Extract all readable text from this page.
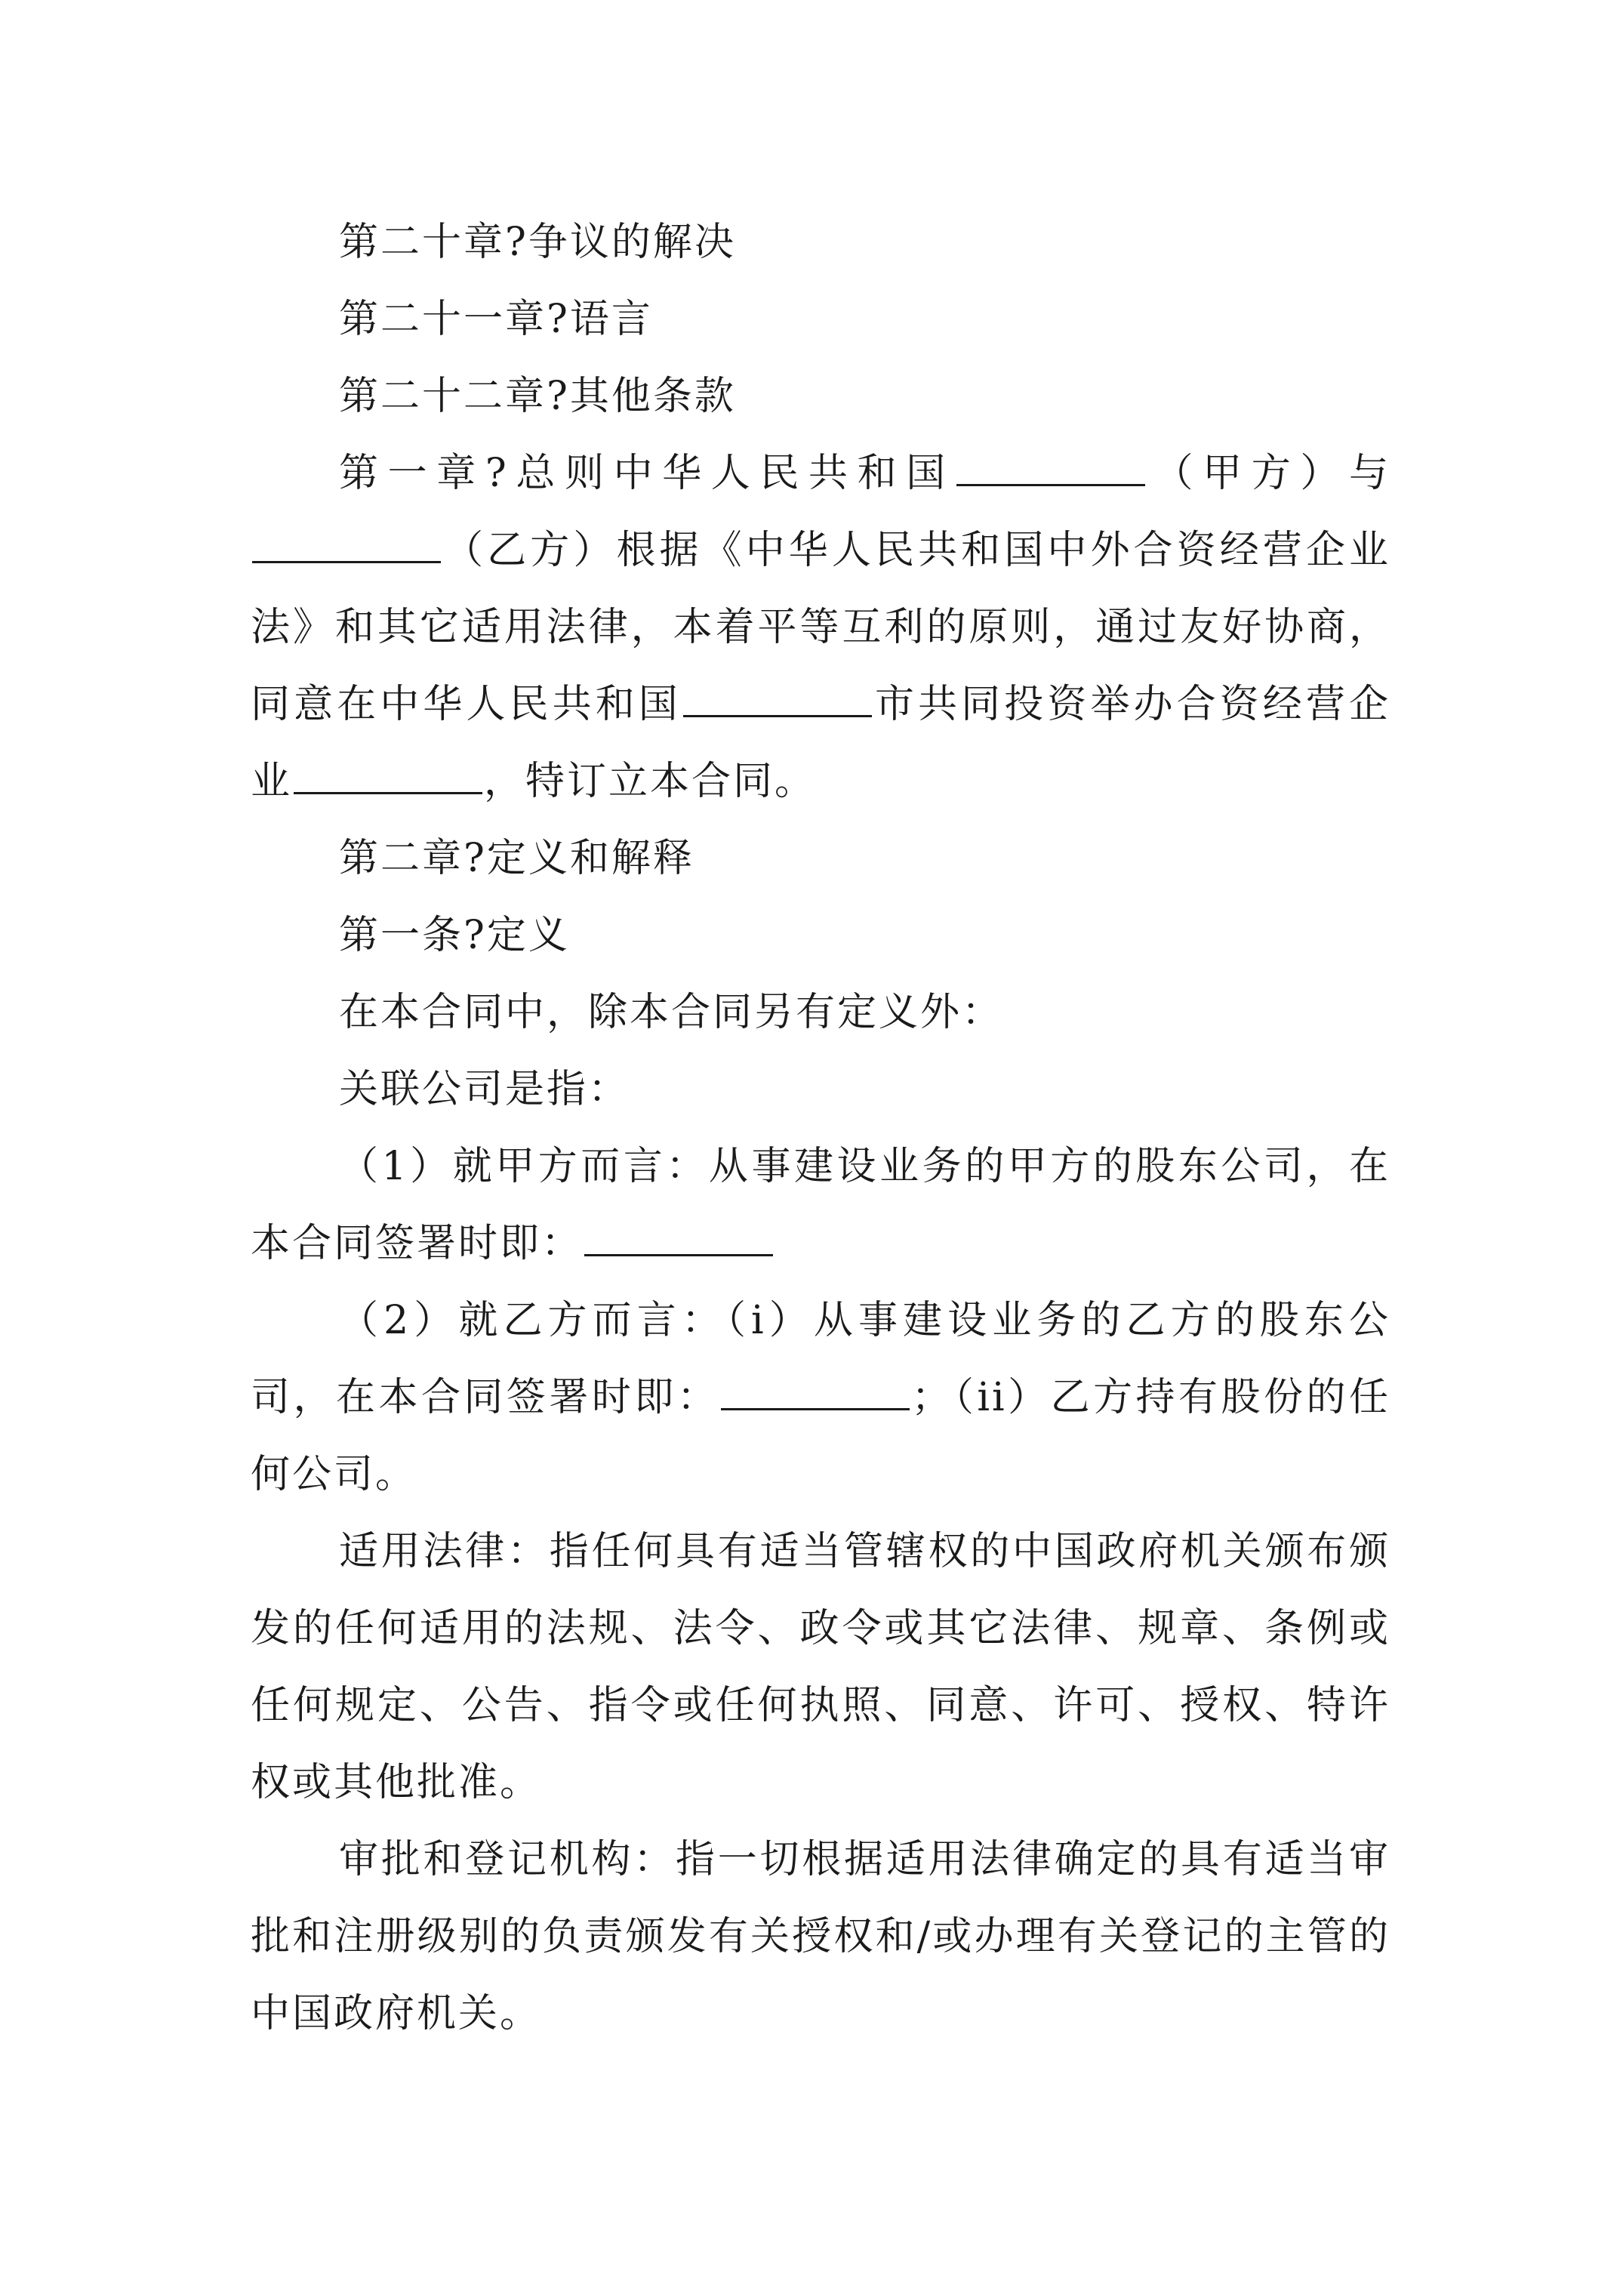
第二十章?争议的解决
第二十一章?语言
第二十二章?其他条款
第一章?总则中华人民共和国	（甲方）与（乙方）根据《中华人民共和国中外合资经营企业法》和其它适用法律，本着平等互利的原则，通过友好协商，同意在中华人民共和国	市共同投资举办合资经营企业	，特订立本合同。
第二章?定义和解释
第一条?定义
在本合同中，除本合同另有定义外：
关联公司是指：
（1）就甲方而言：从事建设业务的甲方的股东公司，在本合同签署时即：
（2）就乙方而言：（i）从事建设业务的乙方的股东公司，在本合同签署时即：	；（ii）乙方持有股份的任何公司。
适用法律：指任何具有适当管辖权的中国政府机关颁布颁发的任何适用的法规、法令、政令或其它法律、规章、条例或任何规定、公告、指令或任何执照、同意、许可、授权、特许权或其他批准。
审批和登记机构：指一切根据适用法律确定的具有适当审批和注册级别的负责颁发有关授权和/或办理有关登记的主管的中国政府机关。
